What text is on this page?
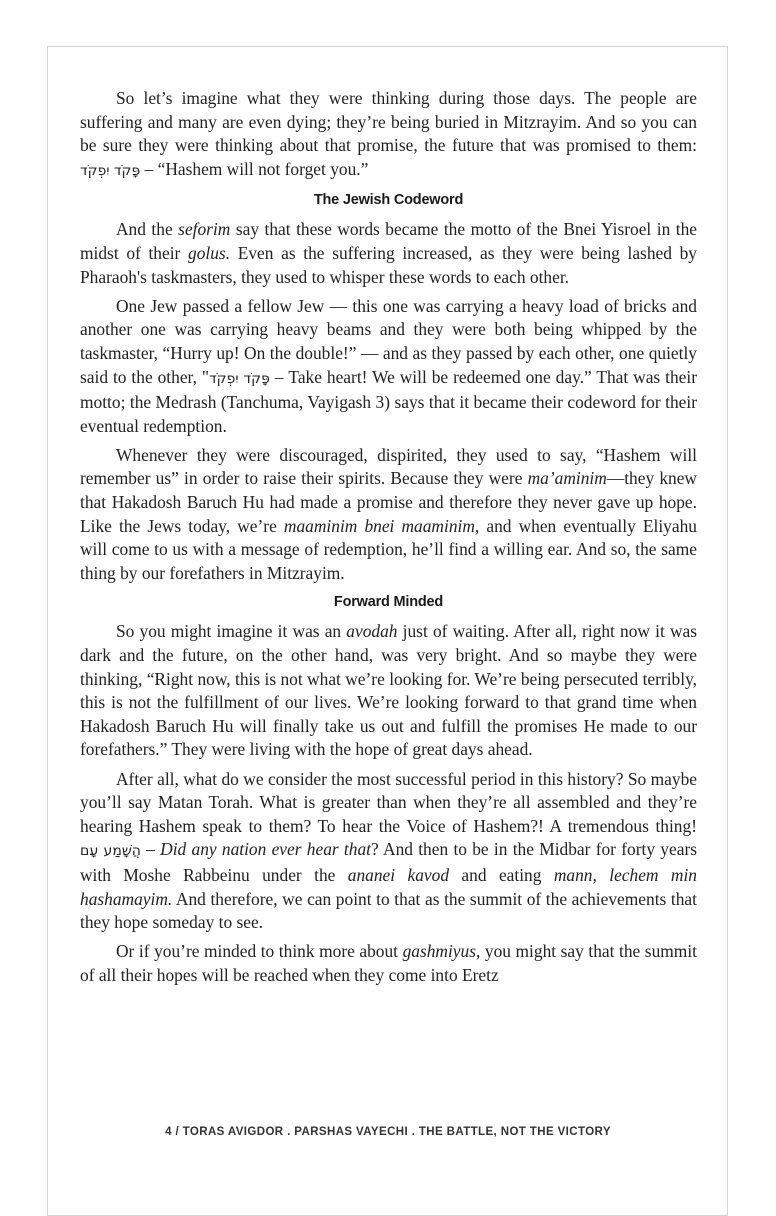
So let’s imagine what they were thinking during those days. The people are suffering and many are even dying; they’re being buried in Mitzrayim. And so you can be sure they were thinking about that promise, the future that was promised to them: פָּקֹד יִפְקֹד – “Hashem will not forget you.”

The Jewish Codeword

And the seforim say that these words became the motto of the Bnei Yisroel in the midst of their golus. Even as the suffering increased, as they were being lashed by Pharaoh's taskmasters, they used to whisper these words to each other.

One Jew passed a fellow Jew — this one was carrying a heavy load of bricks and another one was carrying heavy beams and they were both being whipped by the taskmaster, “Hurry up! On the double!” — and as they passed by each other, one quietly said to the other, "פָּקֹד יִפְקֹד – Take heart! We will be redeemed one day.” That was their motto; the Medrash (Tanchuma, Vayigash 3) says that it became their codeword for their eventual redemption.

Whenever they were discouraged, dispirited, they used to say, “Hashem will remember us” in order to raise their spirits. Because they were ma’aminim—they knew that Hakadosh Baruch Hu had made a promise and therefore they never gave up hope. Like the Jews today, we’re maaminim bnei maaminim, and when eventually Eliyahu will come to us with a message of redemption, he’ll find a willing ear. And so, the same thing by our forefathers in Mitzrayim.

Forward Minded

So you might imagine it was an avodah just of waiting. After all, right now it was dark and the future, on the other hand, was very bright. And so maybe they were thinking, “Right now, this is not what we’re looking for. We’re being persecuted terribly, this is not the fulfillment of our lives. We’re looking forward to that grand time when Hakadosh Baruch Hu will finally take us out and fulfill the promises He made to our forefathers.” They were living with the hope of great days ahead.

After all, what do we consider the most successful period in this history? So maybe you’ll say Matan Torah. What is greater than when they’re all assembled and they’re hearing Hashem speak to them? To hear the Voice of Hashem?! A tremendous thing! הֲשָׁמַע עָם – Did any nation ever hear that? And then to be in the Midbar for forty years with Moshe Rabbeinu under the ananei kavod and eating mann, lechem min hashamayim. And therefore, we can point to that as the summit of the achievements that they hope someday to see.

Or if you’re minded to think more about gashmiyus, you might say that the summit of all their hopes will be reached when they come into Eretz

4 / TORAS AVIGDOR . PARSHAS VAYECHI . THE BATTLE, NOT THE VICTORY
